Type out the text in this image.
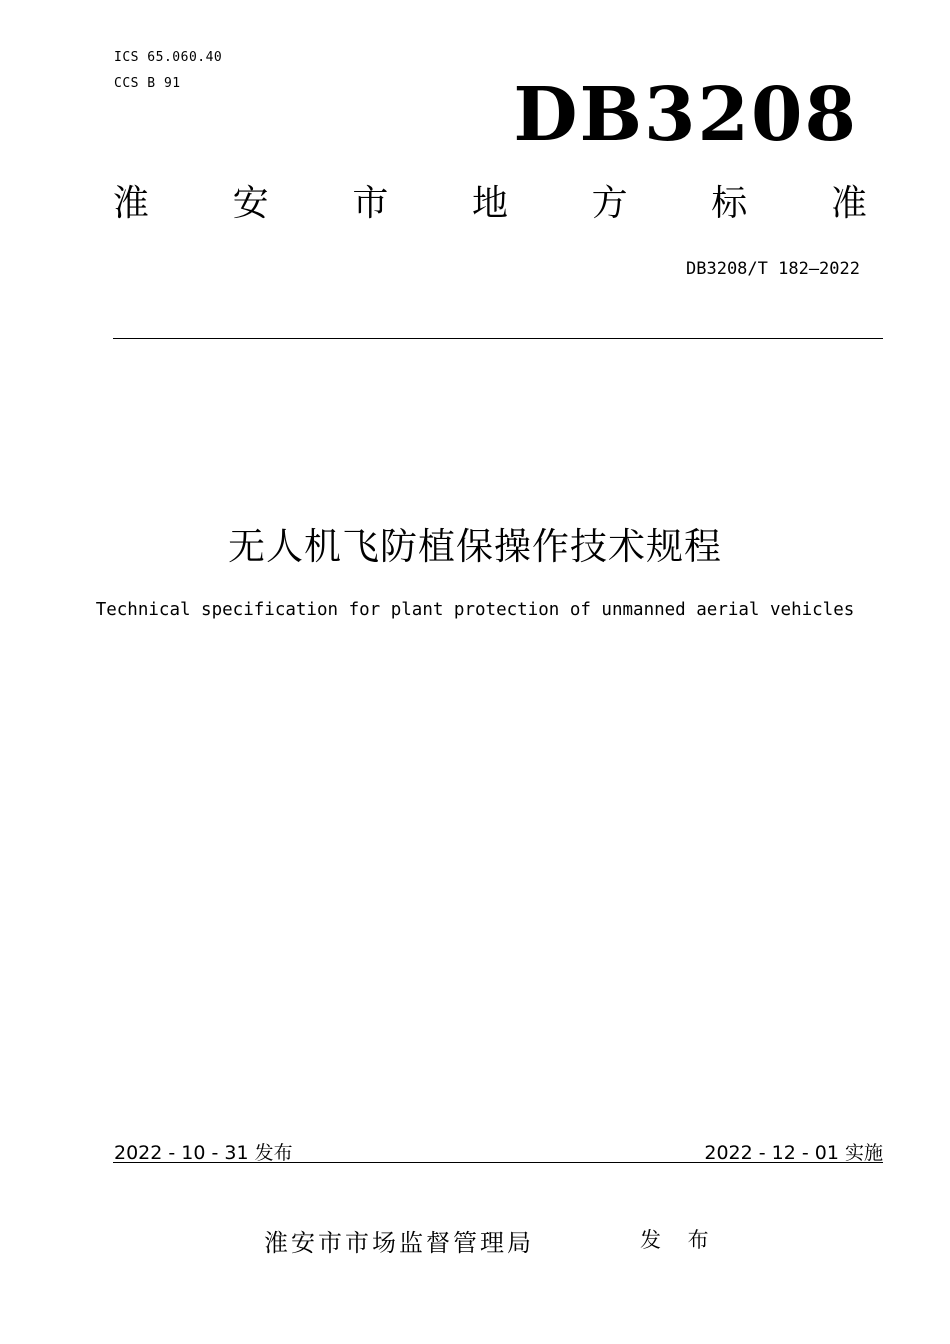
ICS 65.060.40
CCS B 91	DB3208
淮 安 市 地 方 标 准
DB3208/T 182—2022
无人机飞防植保操作技术规程
Technical specification for plant protection of unmanned aerial vehicles
2022 - 10 - 31 发布	2022 - 12 - 01 实施
淮安市市场监督管理局	发 布
